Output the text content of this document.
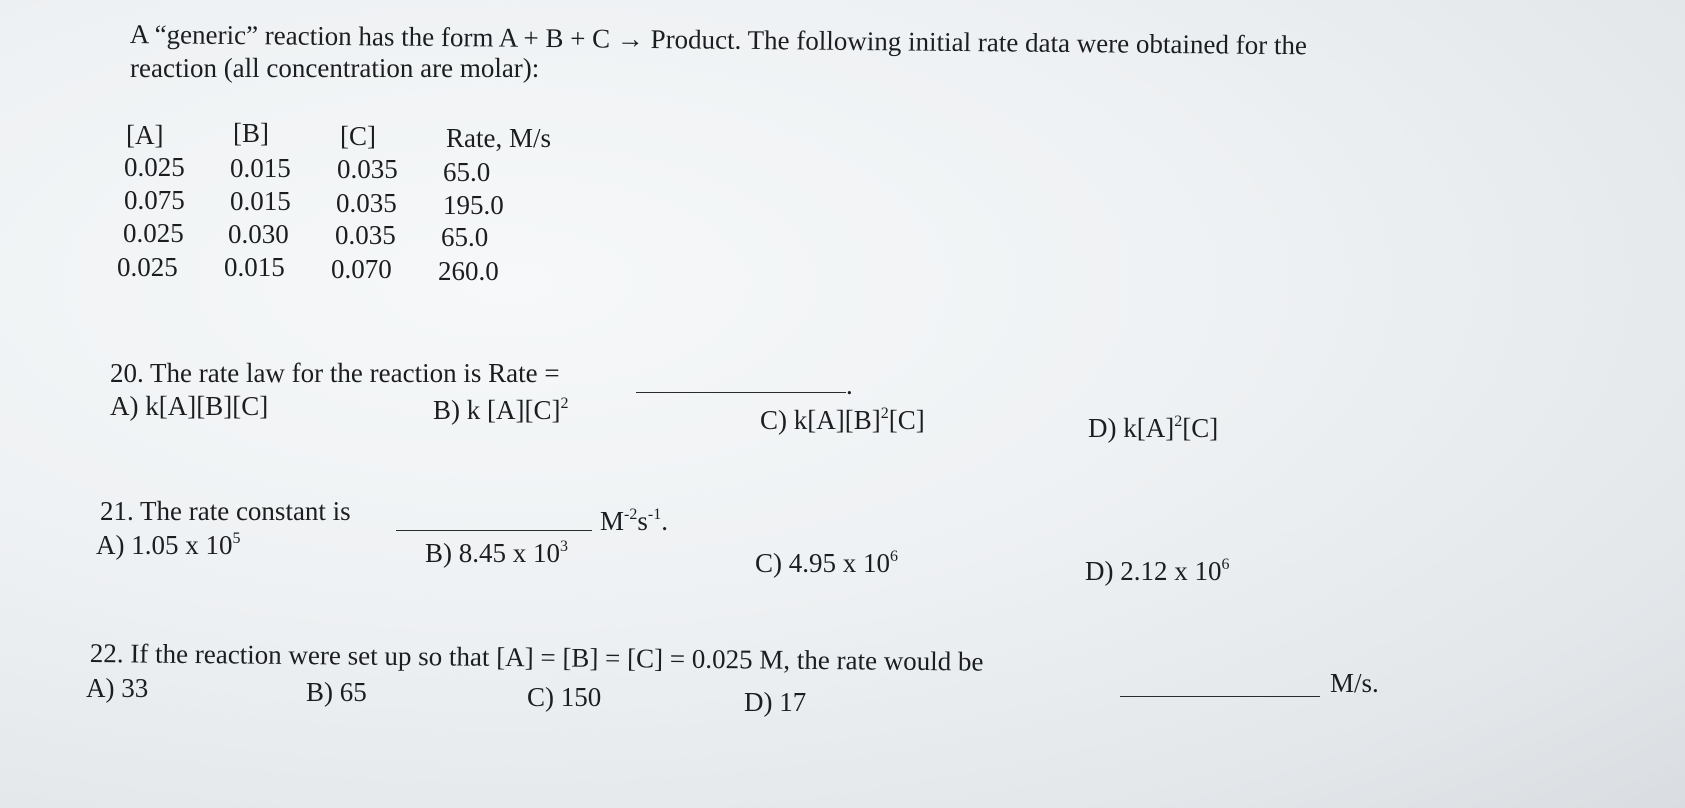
A “generic” reaction has the form A + B + C → Product. The following initial rate data were obtained for the
reaction (all concentration are molar):
[A]	[B]	[C]	Rate, M/s
0.025 0.015 0.035 65.0
0.075 0.015 0.035 195.0
0.025 0.030 0.035 65.0
0.025 0.015 0.070 260.0
20. The rate law for the reaction is Rate =	.
A) k[A][B][C]	B) k $[A][C]^2$
C) $k[A][B]^2[C]$	D) $k[A]^2[C]$
21. The rate constant is	$M^{-2}s^{-1}$.
A) 1.05 x $10^5$	B) 8.45 x $10^3$
C) 4.95 x $10^6$	D) 2.12 x $10^6$
22. If the reaction were set up so that [A] = [B] = [C] = 0.025 M, the rate would be
M/s.
A) 33	B) 65	C) 150	D) 17
